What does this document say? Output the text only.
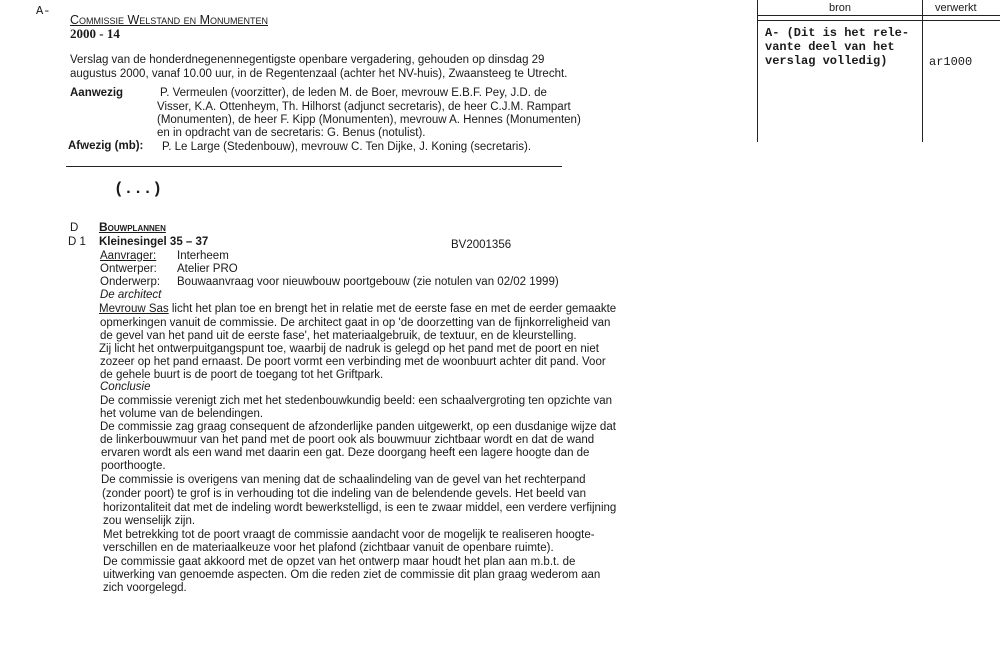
A-
Commissie Welstand en Monumenten
2000 - 14
Verslag van de honderdnegenennegentigste openbare vergadering, gehouden op dinsdag 29
augustus 2000, vanaf 10.00 uur, in de Regentenzaal (achter het NV-huis), Zwaansteeg te Utrecht.
Aanwezig	P. Vermeulen (voorzitter), de leden M. de Boer, mevrouw E.B.F. Pey, J.D. de
Visser, K.A. Ottenheym, Th. Hilhorst (adjunct secretaris), de heer C.J.M. Rampart
(Monumenten), de heer F. Kipp (Monumenten), mevrouw A. Hennes (Monumenten)
en in opdracht van de secretaris: G. Benus (notulist).
Afwezig (mb): P. Le Large (Stedenbouw), mevrouw C. Ten Dijke, J. Koning (secretaris).
(...)
bron	verwerkt
A- (Dit is het rele-
vante deel van het
verslag volledig)	ar1000
D Bouwplannen
D 1 Kleinesingel 35 – 37	BV2001356
Aanvrager: Interheem
Ontwerper: Atelier PRO
Onderwerp: Bouwaanvraag voor nieuwbouw poortgebouw (zie notulen van 02/02 1999)
De architect
Mevrouw Sas licht het plan toe en brengt het in relatie met de eerste fase en met de eerder gemaakte
opmerkingen vanuit de commissie. De architect gaat in op 'de doorzetting van de fijnkorreligheid van
de gevel van het pand uit de eerste fase', het materiaalgebruik, de textuur, en de kleurstelling.
Zij licht het ontwerpuitgangspunt toe, waarbij de nadruk is gelegd op het pand met de poort en niet
zozeer op het pand ernaast. De poort vormt een verbinding met de woonbuurt achter dit pand. Voor
de gehele buurt is de poort de toegang tot het Griftpark.
Conclusie
De commissie verenigt zich met het stedenbouwkundig beeld: een schaalvergroting ten opzichte van
het volume van de belendingen.
De commissie zag graag consequent de afzonderlijke panden uitgewerkt, op een dusdanige wijze dat
de linkerbouwmuur van het pand met de poort ook als bouwmuur zichtbaar wordt en dat de wand
ervaren wordt als een wand met daarin een gat. Deze doorgang heeft een lagere hoogte dan de
poorthoogte.
De commissie is overigens van mening dat de schaalindeling van de gevel van het rechterpand
(zonder poort) te grof is in verhouding tot die indeling van de belendende gevels. Het beeld van
horizontaliteit dat met de indeling wordt bewerkstelligd, is een te zwaar middel, een verdere verfijning
zou wenselijk zijn.
Met betrekking tot de poort vraagt de commissie aandacht voor de mogelijk te realiseren hoogte-
verschillen en de materiaalkeuze voor het plafond (zichtbaar vanuit de openbare ruimte).
De commissie gaat akkoord met de opzet van het ontwerp maar houdt het plan aan m.b.t. de
uitwerking van genoemde aspecten. Om die reden ziet de commissie dit plan graag wederom aan
zich voorgelegd.
